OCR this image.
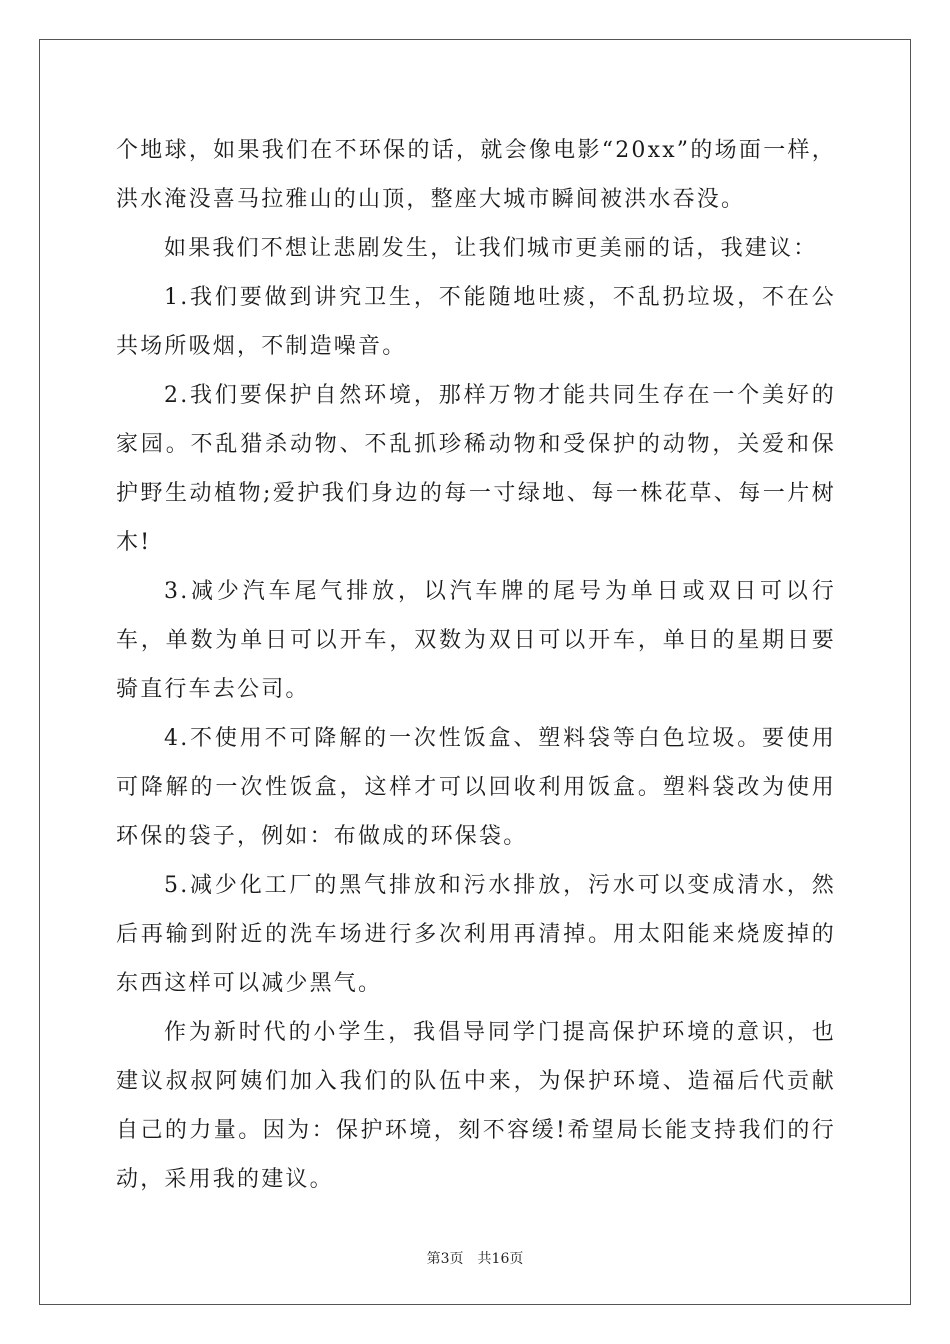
个地球，如果我们在不环保的话，就会像电影“20xx”的场面一样，洪水淹没喜马拉雅山的山顶，整座大城市瞬间被洪水吞没。

如果我们不想让悲剧发生，让我们城市更美丽的话，我建议：

1.我们要做到讲究卫生，不能随地吐痰，不乱扔垃圾，不在公共场所吸烟，不制造噪音。

2.我们要保护自然环境，那样万物才能共同生存在一个美好的家园。不乱猎杀动物、不乱抓珍稀动物和受保护的动物，关爱和保护野生动植物;爱护我们身边的每一寸绿地、每一株花草、每一片树木!

3.减少汽车尾气排放，以汽车牌的尾号为单日或双日可以行车，单数为单日可以开车，双数为双日可以开车，单日的星期日要骑直行车去公司。

4.不使用不可降解的一次性饭盒、塑料袋等白色垃圾。要使用可降解的一次性饭盒，这样才可以回收利用饭盒。塑料袋改为使用环保的袋子，例如：布做成的环保袋。

5.减少化工厂的黑气排放和污水排放，污水可以变成清水，然后再输到附近的洗车场进行多次利用再清掉。用太阳能来烧废掉的东西这样可以减少黑气。

作为新时代的小学生，我倡导同学门提高保护环境的意识，也建议叔叔阿姨们加入我们的队伍中来，为保护环境、造福后代贡献自己的力量。因为：保护环境，刻不容缓!希望局长能支持我们的行动，采用我的建议。

第3页 共16页
